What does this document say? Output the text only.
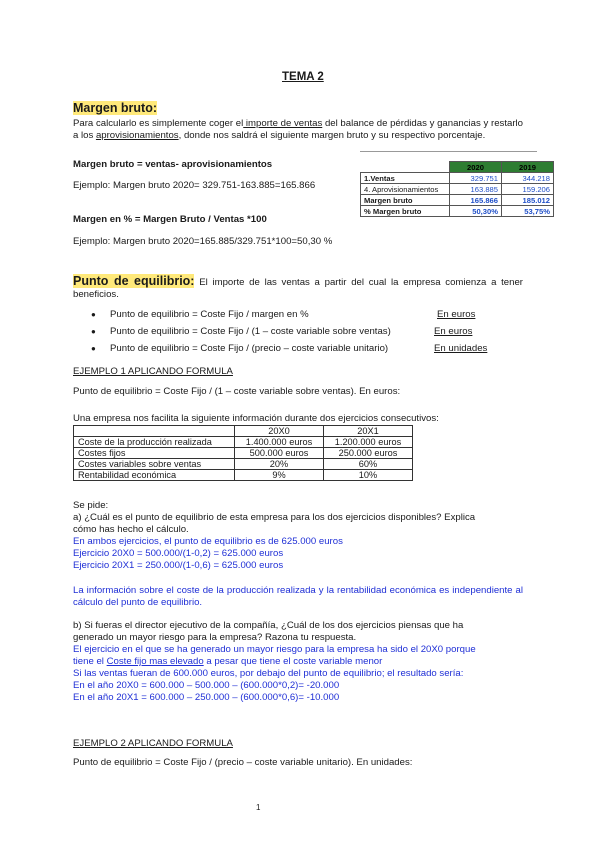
TEMA 2
Margen bruto:
Para calcularlo es simplemente coger el importe de ventas del balance de pérdidas y ganancias y restarlo a los aprovisionamientos, donde nos saldrá el siguiente margen bruto y su respectivo porcentaje.
Margen bruto = ventas- aprovisionamientos
Ejemplo: Margen bruto 2020= 329.751-163.885=165.866
Margen en % = Margen Bruto / Ventas *100
Ejemplo: Margen bruto 2020=165.885/329.751*100=50,30 %
	2020	2019
1.Ventas	329.751	344.218
4. Aprovisionamientos	163.885	159.206
Margen bruto	165.866	185.012
% Margen bruto	50,30%	53,75%
Punto de equilibrio: El importe de las ventas a partir del cual la empresa comienza a tener beneficios.
● Punto de equilibrio = Coste Fijo / margen en %	En euros
● Punto de equilibrio = Coste Fijo / (1 – coste variable sobre ventas)	En euros
● Punto de equilibrio = Coste Fijo / (precio – coste variable unitario)	En unidades
EJEMPLO 1 APLICANDO FORMULA
Punto de equilibrio = Coste Fijo / (1 – coste variable sobre ventas). En euros:
Una empresa nos facilita la siguiente información durante dos ejercicios consecutivos:
	20X0	20X1
Coste de la producción realizada	1.400.000 euros	1.200.000 euros
Costes fijos	500.000 euros	250.000 euros
Costes variables sobre ventas	20%	60%
Rentabilidad económica	9%	10%
Se pide:
a) ¿Cuál es el punto de equilibrio de esta empresa para los dos ejercicios disponibles? Explica
cómo has hecho el cálculo.
En ambos ejercicios, el punto de equilibrio es de 625.000 euros
Ejercicio 20X0 = 500.000/(1-0,2) = 625.000 euros
Ejercicio 20X1 = 250.000/(1-0,6) = 625.000 euros
La información sobre el coste de la producción realizada y la rentabilidad económica es independiente al cálculo del punto de equilibrio.
b) Si fueras el director ejecutivo de la compañía, ¿Cuál de los dos ejercicios piensas que ha
generado un mayor riesgo para la empresa? Razona tu respuesta.
El ejercicio en el que se ha generado un mayor riesgo para la empresa ha sido el 20X0 porque
tiene el Coste fijo mas elevado a pesar que tiene el coste variable menor
Si las ventas fueran de 600.000 euros, por debajo del punto de equilibrio; el resultado sería:
En el año 20X0 = 600.000 – 500.000 – (600.000*0,2)= -20.000
En el año 20X1 = 600.000 – 250.000 – (600.000*0,6)= -10.000
EJEMPLO 2 APLICANDO FORMULA
Punto de equilibrio = Coste Fijo / (precio – coste variable unitario). En unidades:
1
